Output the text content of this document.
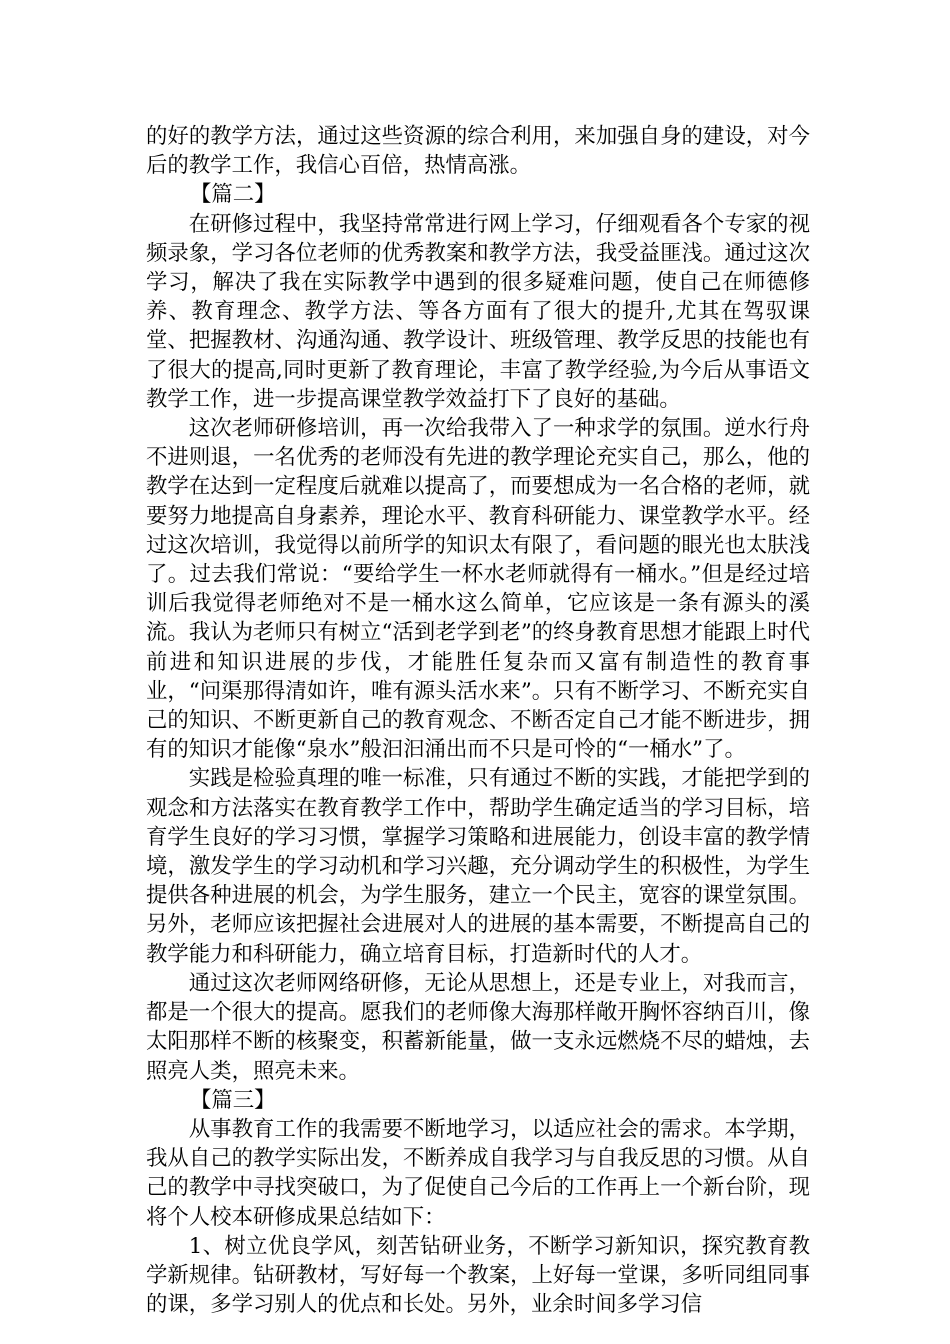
的好的教学方法，通过这些资源的综合利用，来加强自身的建设，对今后的教学工作，我信心百倍，热情高涨。

【篇二】

在研修过程中，我坚持常常进行网上学习，仔细观看各个专家的视频录象，学习各位老师的优秀教案和教学方法，我受益匪浅。通过这次学习，解决了我在实际教学中遇到的很多疑难问题，使自己在师德修养、教育理念、教学方法、等各方面有了很大的提升,尤其在驾驭课堂、把握教材、沟通沟通、教学设计、班级管理、教学反思的技能也有了很大的提高,同时更新了教育理论，丰富了教学经验,为今后从事语文教学工作，进一步提高课堂教学效益打下了良好的基础。

这次老师研修培训，再一次给我带入了一种求学的氛围。逆水行舟不进则退，一名优秀的老师没有先进的教学理论充实自己，那么，他的教学在达到一定程度后就难以提高了，而要想成为一名合格的老师，就要努力地提高自身素养，理论水平、教育科研能力、课堂教学水平。经过这次培训，我觉得以前所学的知识太有限了，看问题的眼光也太肤浅了。过去我们常说：“要给学生一杯水老师就得有一桶水。”但是经过培训后我觉得老师绝对不是一桶水这么简单，它应该是一条有源头的溪流。我认为老师只有树立“活到老学到老”的终身教育思想才能跟上时代前进和知识进展的步伐，才能胜任复杂而又富有制造性的教育事业，“问渠那得清如许，唯有源头活水来”。只有不断学习、不断充实自己的知识、不断更新自己的教育观念、不断否定自己才能不断进步，拥有的知识才能像“泉水”般汩汩涌出而不只是可怜的“一桶水”了。

实践是检验真理的唯一标准，只有通过不断的实践，才能把学到的观念和方法落实在教育教学工作中，帮助学生确定适当的学习目标，培育学生良好的学习习惯，掌握学习策略和进展能力，创设丰富的教学情境，激发学生的学习动机和学习兴趣，充分调动学生的积极性，为学生提供各种进展的机会，为学生服务，建立一个民主，宽容的课堂氛围。另外，老师应该把握社会进展对人的进展的基本需要，不断提高自己的教学能力和科研能力，确立培育目标，打造新时代的人才。

通过这次老师网络研修，无论从思想上，还是专业上，对我而言，都是一个很大的提高。愿我们的老师像大海那样敞开胸怀容纳百川，像太阳那样不断的核聚变，积蓄新能量，做一支永远燃烧不尽的蜡烛，去照亮人类，照亮未来。

【篇三】

从事教育工作的我需要不断地学习，以适应社会的需求。本学期，我从自己的教学实际出发，不断养成自我学习与自我反思的习惯。从自己的教学中寻找突破口，为了促使自己今后的工作再上一个新台阶，现将个人校本研修成果总结如下：

1、树立优良学风，刻苦钻研业务，不断学习新知识，探究教育教学新规律。钻研教材，写好每一个教案，上好每一堂课，多听同组同事的课，多学习别人的优点和长处。另外，业余时间多学习信
